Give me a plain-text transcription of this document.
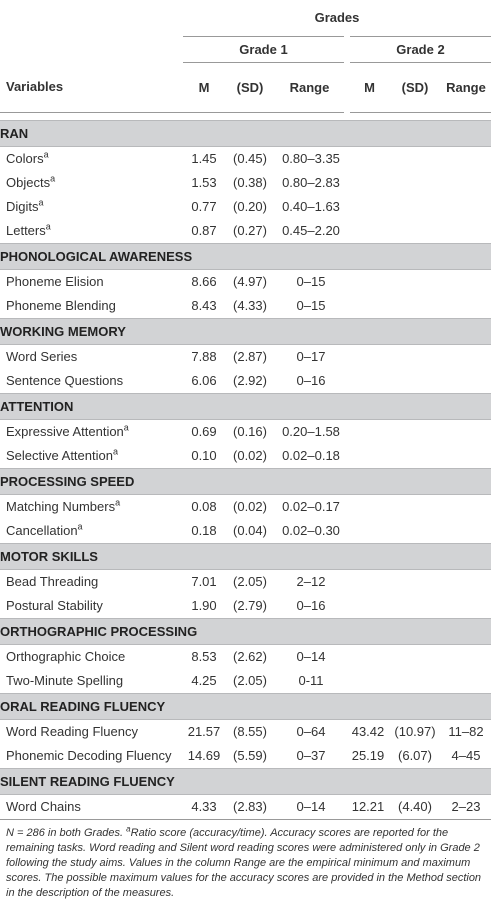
	Grades					
	Grade 1			Grade 2		
Variables	M	(SD)	Range	M	(SD)	Range

RAN						
Colors$^a$	1.45	(0.45)	0.80–3.35			
Objects$^a$	1.53	(0.38)	0.80–2.83			
Digits$^a$	0.77	(0.20)	0.40–1.63			
Letters$^a$	0.87	(0.27)	0.45–2.20			
PHONOLOGICAL AWARENESS						
Phoneme Elision	8.66	(4.97)	0–15			
Phoneme Blending	8.43	(4.33)	0–15			
WORKING MEMORY						
Word Series	7.88	(2.87)	0–17			
Sentence Questions	6.06	(2.92)	0–16			
ATTENTION						
Expressive Attention$^a$	0.69	(0.16)	0.20–1.58			
Selective Attention$^a$	0.10	(0.02)	0.02–0.18			
PROCESSING SPEED						
Matching Numbers$^a$	0.08	(0.02)	0.02–0.17			
Cancellation$^a$	0.18	(0.04)	0.02–0.30			
MOTOR SKILLS						
Bead Threading	7.01	(2.05)	2–12			
Postural Stability	1.90	(2.79)	0–16			
ORTHOGRAPHIC PROCESSING						
Orthographic Choice	8.53	(2.62)	0–14			
Two-Minute Spelling	4.25	(2.05)	0-11			
ORAL READING FLUENCY						
Word Reading Fluency	21.57	(8.55)	0–64	43.42	(10.97)	11–82
Phonemic Decoding Fluency	14.69	(5.59)	0–37	25.19	(6.07)	4–45
SILENT READING FLUENCY						
Word Chains	4.33	(2.83)	0–14	12.21	(4.40)	2–23
N = 286 in both Grades. $^a$Ratio score (accuracy/time). Accuracy scores are reported for the remaining tasks. Word reading and Silent word reading scores were administered only in Grade 2 following the study aims. Values in the column Range are the empirical minimum and maximum scores. The possible maximum values for the accuracy scores are provided in the Method section in the description of the measures.
